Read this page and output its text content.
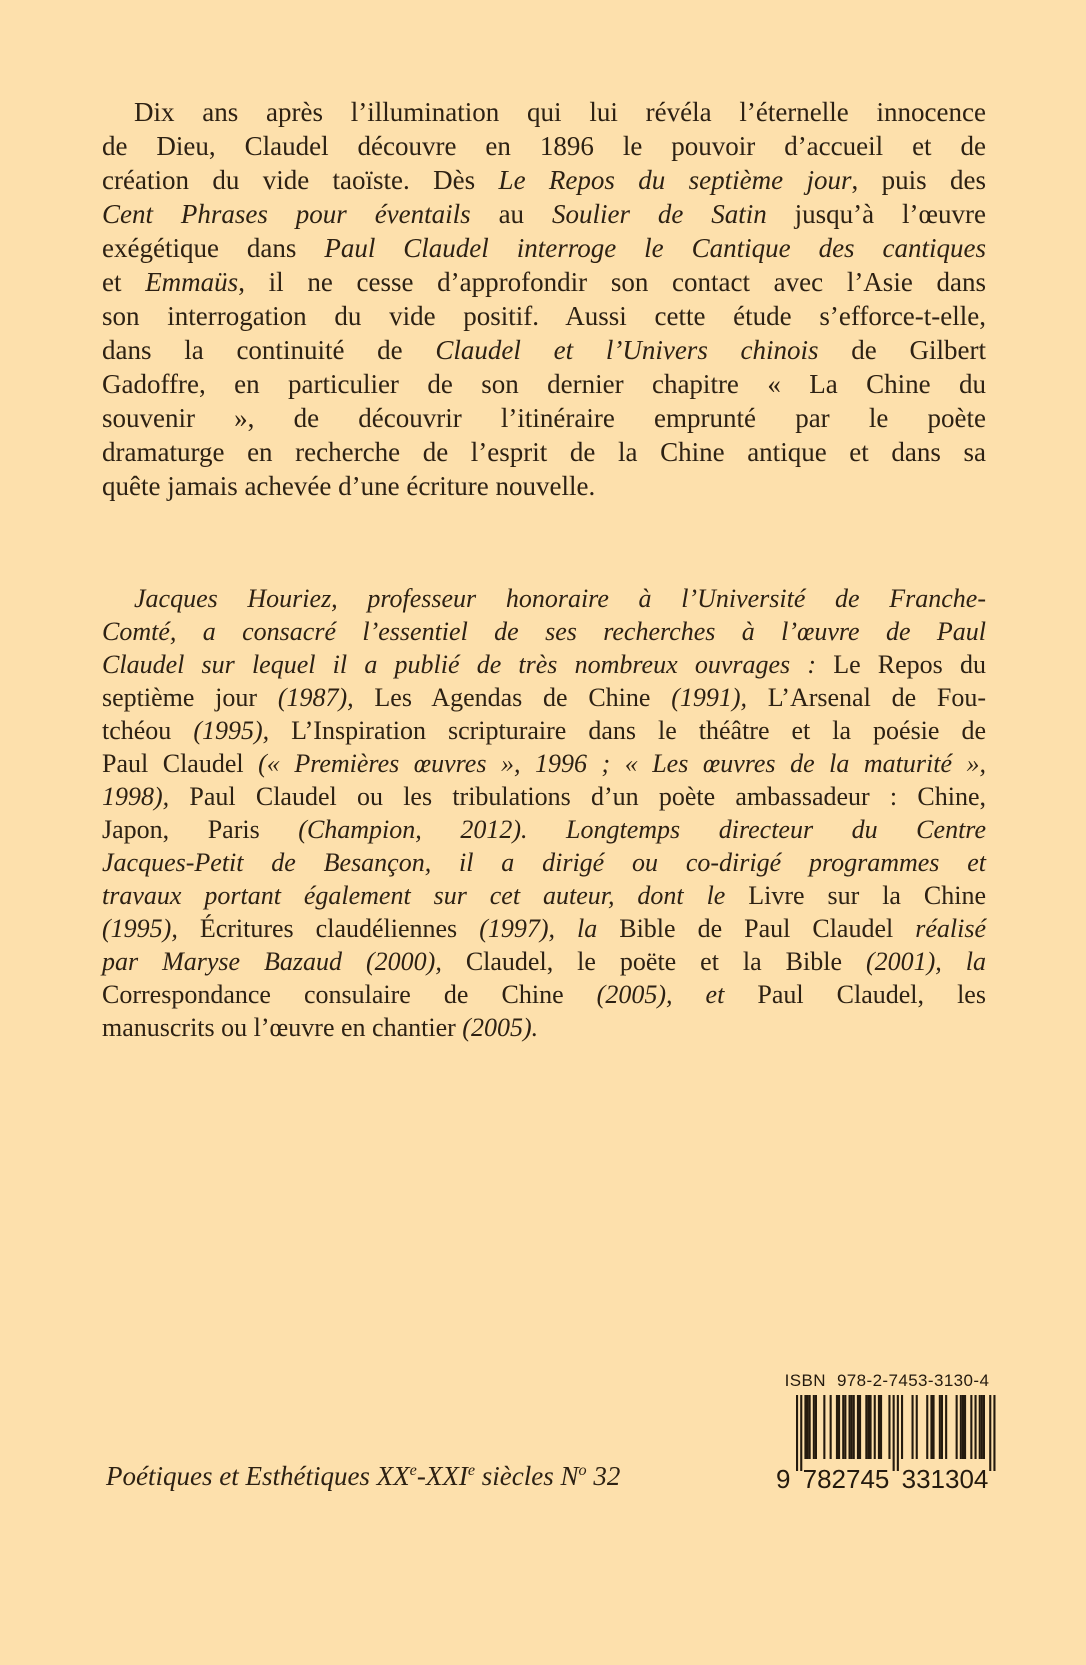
Dix ans après l’illumination qui lui révéla l’éternelle innocence
de Dieu, Claudel découvre en 1896 le pouvoir d’accueil et de
création du vide taoïste. Dès Le Repos du septième jour, puis des
Cent Phrases pour éventails au Soulier de Satin jusqu’à l’œuvre
exégétique dans Paul Claudel interroge le Cantique des cantiques
et Emmaüs, il ne cesse d’approfondir son contact avec l’Asie dans
son interrogation du vide positif. Aussi cette étude s’efforce-t-elle,
dans la continuité de Claudel et l’Univers chinois de Gilbert
Gadoffre, en particulier de son dernier chapitre « La Chine du
souvenir », de découvrir l’itinéraire emprunté par le poète
dramaturge en recherche de l’esprit de la Chine antique et dans sa
quête jamais achevée d’une écriture nouvelle.
Jacques Houriez, professeur honoraire à l’Université de Franche-
Comté, a consacré l’essentiel de ses recherches à l’œuvre de Paul
Claudel sur lequel il a publié de très nombreux ouvrages : Le Repos du
septième jour (1987), Les Agendas de Chine (1991), L’Arsenal de Fou-
tchéou (1995), L’Inspiration scripturaire dans le théâtre et la poésie de
Paul Claudel (« Premières œuvres », 1996 ; « Les œuvres de la maturité »,
1998), Paul Claudel ou les tribulations d’un poète ambassadeur : Chine,
Japon, Paris (Champion, 2012). Longtemps directeur du Centre
Jacques-Petit de Besançon, il a dirigé ou co-dirigé programmes et
travaux portant également sur cet auteur, dont le Livre sur la Chine
(1995), Écritures claudéliennes (1997), la Bible de Paul Claudel réalisé
par Maryse Bazaud (2000), Claudel, le poëte et la Bible (2001), la
Correspondance consulaire de Chine (2005), et Paul Claudel, les
manuscrits ou l’œuvre en chantier (2005).
ISBN 978-2-7453-3130-4
9 782745 331304
Poétiques et Esthétiques XXe-XXIe siècles $N^o$ 32
